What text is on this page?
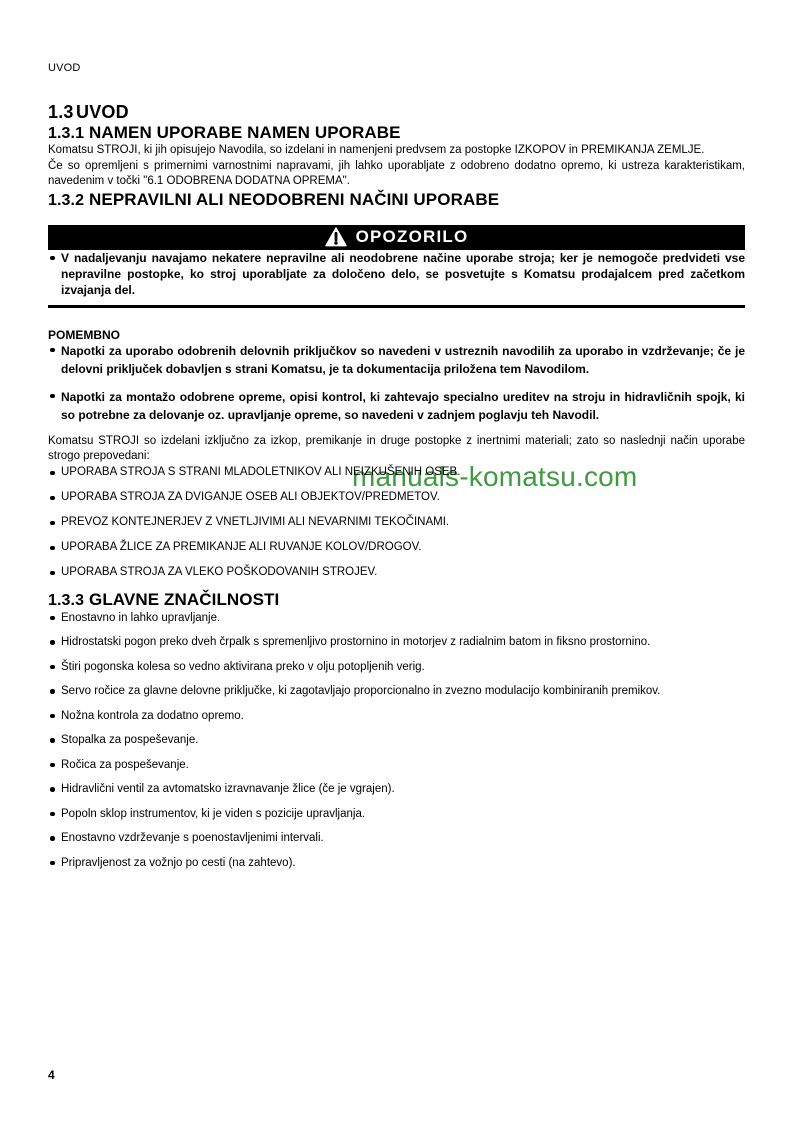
UVOD
manuals-komatsu.com
1.3 UVOD
1.3.1 NAMEN UPORABE NAMEN UPORABE

Komatsu STROJI, ki jih opisujejo Navodila, so izdelani in namenjeni predvsem za postopke IZKOPOV in PREMIKANJA ZEMLJE.

Če so opremljeni s primernimi varnostnimi napravami, jih lahko uporabljate z odobreno dodatno opremo, ki ustreza karakteristikam, navedenim v točki "6.1 ODOBRENA DODATNA OPREMA".

1.3.2 NEPRAVILNI ALI NEODOBRENI NAČINI UPORABE
OPOZORILO
V nadaljevanju navajamo nekatere nepravilne ali neodobrene načine uporabe stroja; ker je nemogoče predvideti vse nepravilne postopke, ko stroj uporabljate za določeno delo, se posvetujte s Komatsu prodajalcem pred začetkom izvajanja del.

POMEMBNO

Napotki za uporabo odobrenih delovnih priključkov so navedeni v ustreznih navodilih za uporabo in vzdrževanje; če je delovni priključek dobavljen s strani Komatsu, je ta dokumentacija priložena tem Navodilom.
Napotki za montažo odobrene opreme, opisi kontrol, ki zahtevajo specialno ureditev na stroju in hidravličnih spojk, ki so potrebne za delovanje oz. upravljanje opreme, so navedeni v zadnjem poglavju teh Navodil.

Komatsu STROJI so izdelani izključno za izkop, premikanje in druge postopke z inertnimi materiali; zato so naslednji način uporabe strogo prepovedani:

UPORABA STROJA S STRANI MLADOLETNIKOV ALI NEIZKUŠENIH OSEB.
UPORABA STROJA ZA DVIGANJE OSEB ALI OBJEKTOV/PREDMETOV.
PREVOZ KONTEJNERJEV Z VNETLJIVIMI ALI NEVARNIMI TEKOČINAMI.
UPORABA ŽLICE ZA PREMIKANJE ALI RUVANJE KOLOV/DROGOV.
UPORABA STROJA ZA VLEKO POŠKODOVANIH STROJEV.
1.3.3 GLAVNE ZNAČILNOSTI
Enostavno in lahko upravljanje.
Hidrostatski pogon preko dveh črpalk s spremenljivo prostornino in motorjev z radialnim batom in fiksno prostornino.
Štiri pogonska kolesa so vedno aktivirana preko v olju potopljenih verig.
Servo ročice za glavne delovne priključke, ki zagotavljajo proporcionalno in zvezno modulacijo kombiniranih premikov.
Nožna kontrola za dodatno opremo.
Stopalka za pospeševanje.
Ročica za pospeševanje.
Hidravlični ventil za avtomatsko izravnavanje žlice (če je vgrajen).
Popoln sklop instrumentov, ki je viden s pozicije upravljanja.
Enostavno vzdrževanje s poenostavljenimi intervali.
Pripravljenost za vožnjo po cesti (na zahtevo).
4
